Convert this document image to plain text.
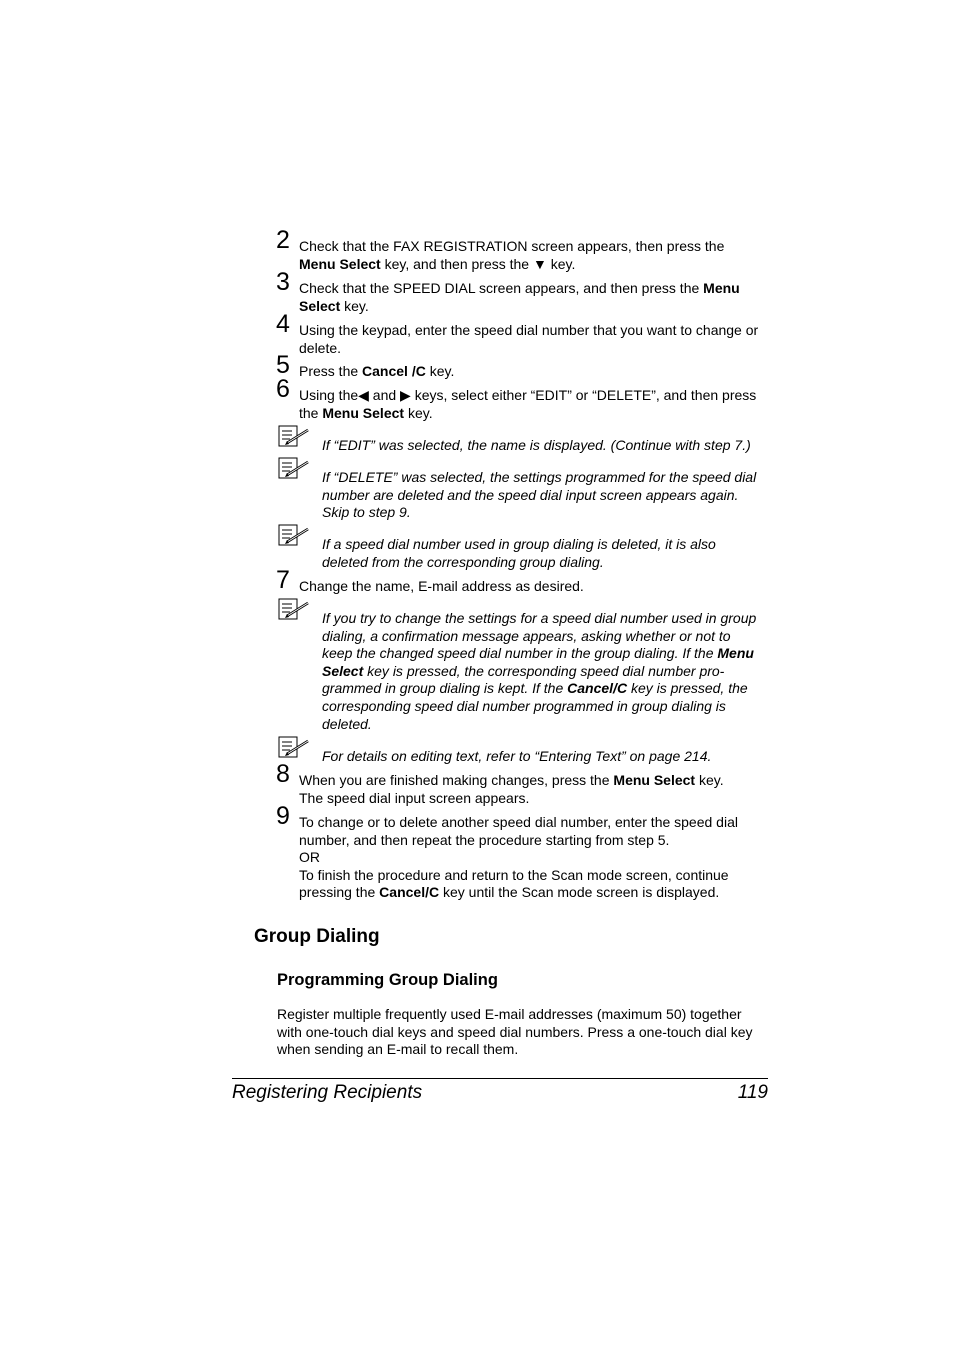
2 Check that the FAX REGISTRATION screen appears, then press the
Menu Select key, and then press the ▼ key.
3 Check that the SPEED DIAL screen appears, and then press the Menu
Select key.
4 Using the keypad, enter the speed dial number that you want to change or
delete.
5 Press the Cancel /C key.
6 Using the◀ and ▶ keys, select either “EDIT” or “DELETE”, and then press
the Menu Select key.
If “EDIT” was selected, the name is displayed. (Continue with step 7.)
If “DELETE” was selected, the settings programmed for the speed dial
number are deleted and the speed dial input screen appears again.
Skip to step 9.
If a speed dial number used in group dialing is deleted, it is also
deleted from the corresponding group dialing.
7 Change the name, E-mail address as desired.
If you try to change the settings for a speed dial number used in group
dialing, a confirmation message appears, asking whether or not to
keep the changed speed dial number in the group dialing. If the Menu
Select key is pressed, the corresponding speed dial number pro-
grammed in group dialing is kept. If the Cancel/C key is pressed, the
corresponding speed dial number programmed in group dialing is
deleted.
For details on editing text, refer to “Entering Text” on page 214.
8 When you are finished making changes, press the Menu Select key.
The speed dial input screen appears.
9 To change or to delete another speed dial number, enter the speed dial
number, and then repeat the procedure starting from step 5.
OR
To finish the procedure and return to the Scan mode screen, continue
pressing the Cancel/C key until the Scan mode screen is displayed.
Group Dialing
Programming Group Dialing
Register multiple frequently used E-mail addresses (maximum 50) together
with one-touch dial keys and speed dial numbers. Press a one-touch dial key
when sending an E-mail to recall them.
Registering Recipients	119
